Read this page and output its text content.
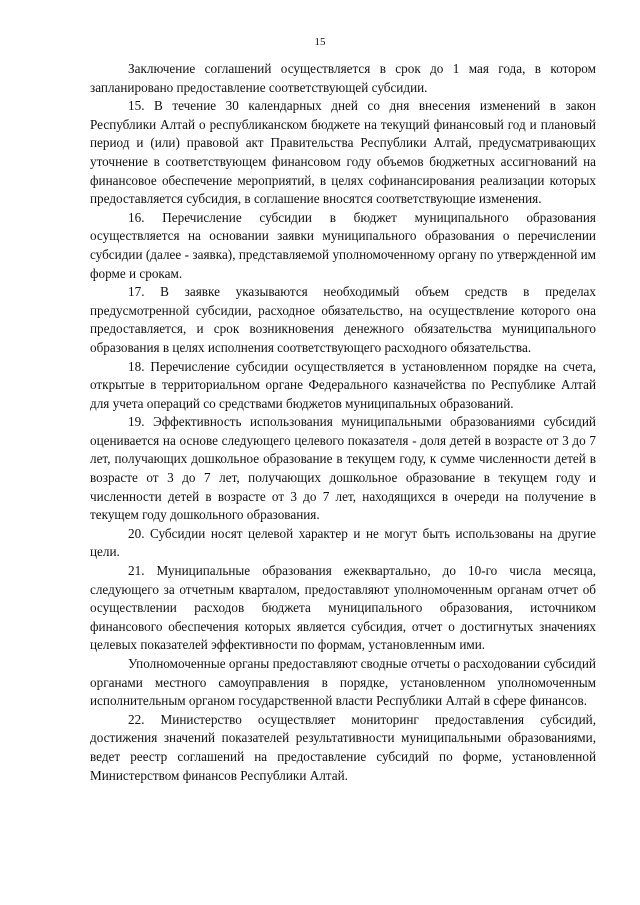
15

Заключение соглашений осуществляется в срок до 1 мая года, в котором запланировано предоставление соответствующей субсидии.

15. В течение 30 календарных дней со дня внесения изменений в закон Республики Алтай о республиканском бюджете на текущий финансовый год и плановый период и (или) правовой акт Правительства Республики Алтай, предусматривающих уточнение в соответствующем финансовом году объемов бюджетных ассигнований на финансовое обеспечение мероприятий, в целях софинансирования реализации которых предоставляется субсидия, в соглашение вносятся соответствующие изменения.

16. Перечисление субсидии в бюджет муниципального образования осуществляется на основании заявки муниципального образования о перечислении субсидии (далее - заявка), представляемой уполномоченному органу по утвержденной им форме и срокам.

17. В заявке указываются необходимый объем средств в пределах предусмотренной субсидии, расходное обязательство, на осуществление которого она предоставляется, и срок возникновения денежного обязательства муниципального образования в целях исполнения соответствующего расходного обязательства.

18. Перечисление субсидии осуществляется в установленном порядке на счета, открытые в территориальном органе Федерального казначейства по Республике Алтай для учета операций со средствами бюджетов муниципальных образований.

19. Эффективность использования муниципальными образованиями субсидий оценивается на основе следующего целевого показателя - доля детей в возрасте от 3 до 7 лет, получающих дошкольное образование в текущем году, к сумме численности детей в возрасте от 3 до 7 лет, получающих дошкольное образование в текущем году и численности детей в возрасте от 3 до 7 лет, находящихся в очереди на получение в текущем году дошкольного образования.

20. Субсидии носят целевой характер и не могут быть использованы на другие цели.

21. Муниципальные образования ежеквартально, до 10-го числа месяца, следующего за отчетным кварталом, предоставляют уполномоченным органам отчет об осуществлении расходов бюджета муниципального образования, источником финансового обеспечения которых является субсидия, отчет о достигнутых значениях целевых показателей эффективности по формам, установленным ими.

Уполномоченные органы предоставляют сводные отчеты о расходовании субсидий органами местного самоуправления в порядке, установленном уполномоченным исполнительным органом государственной власти Республики Алтай в сфере финансов.

22. Министерство осуществляет мониторинг предоставления субсидий, достижения значений показателей результативности муниципальными образованиями, ведет реестр соглашений на предоставление субсидий по форме, установленной Министерством финансов Республики Алтай.
